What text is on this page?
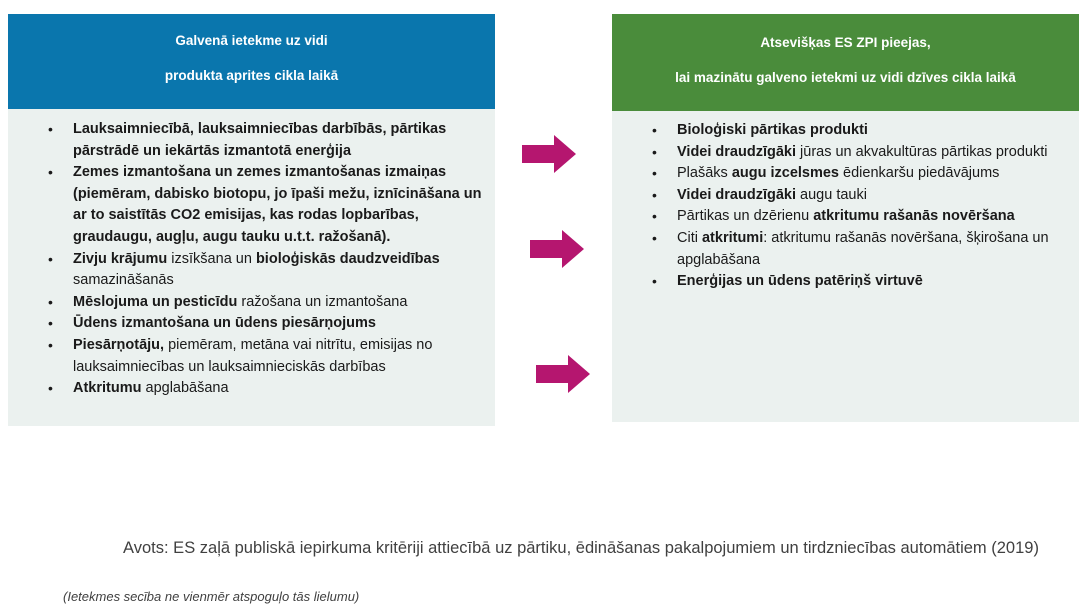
Galvenā ietekme uz vidi
produkta aprites cikla laikā
• Lauksaimniecībā, lauksaimniecības darbībās, pārtikas pārstrādē un iekārtās izmantotā enerģija
• Zemes izmantošana un zemes izmantošanas izmaiņas (piemēram, dabisko biotopu, jo īpaši mežu, iznīcināšana un ar to saistītās CO2 emisijas, kas rodas lopbarības, graudaugu, augļu, augu tauku u.t.t. ražošanā).
• Zivju krājumu izsīkšana un bioloģiskās daudzveidības samazināšanās
• Mēslojuma un pesticīdu ražošana un izmantošana
• Ūdens izmantošana un ūdens piesārņojums
• Piesārņotāju, piemēram, metāna vai nitrītu, emisijas no lauksaimniecības un lauksaimnieciskās darbības
• Atkritumu apglabāšana
Atsevišķas ES ZPI pieejas,
lai mazinātu galveno ietekmi uz vidi dzīves cikla laikā
• Bioloģiski pārtikas produkti
• Videi draudzīgāki jūras un akvakultūras pārtikas produkti
• Plašāks augu izcelsmes ēdienkaršu piedāvājums
• Videi draudzīgāki augu tauki
• Pārtikas un dzērienu atkritumu rašanās novēršana
• Citi atkritumi: atkritumu rašanās novēršana, šķirošana un apglabāšana
• Enerģijas un ūdens patēriņš virtuvē
Avots: ES zaļā publiskā iepirkuma kritēriji attiecībā uz pārtiku, ēdināšanas pakalpojumiem un tirdzniecības automātiem (2019)
(Ietekmes secība ne vienmēr atspoguļo tās lielumu)
